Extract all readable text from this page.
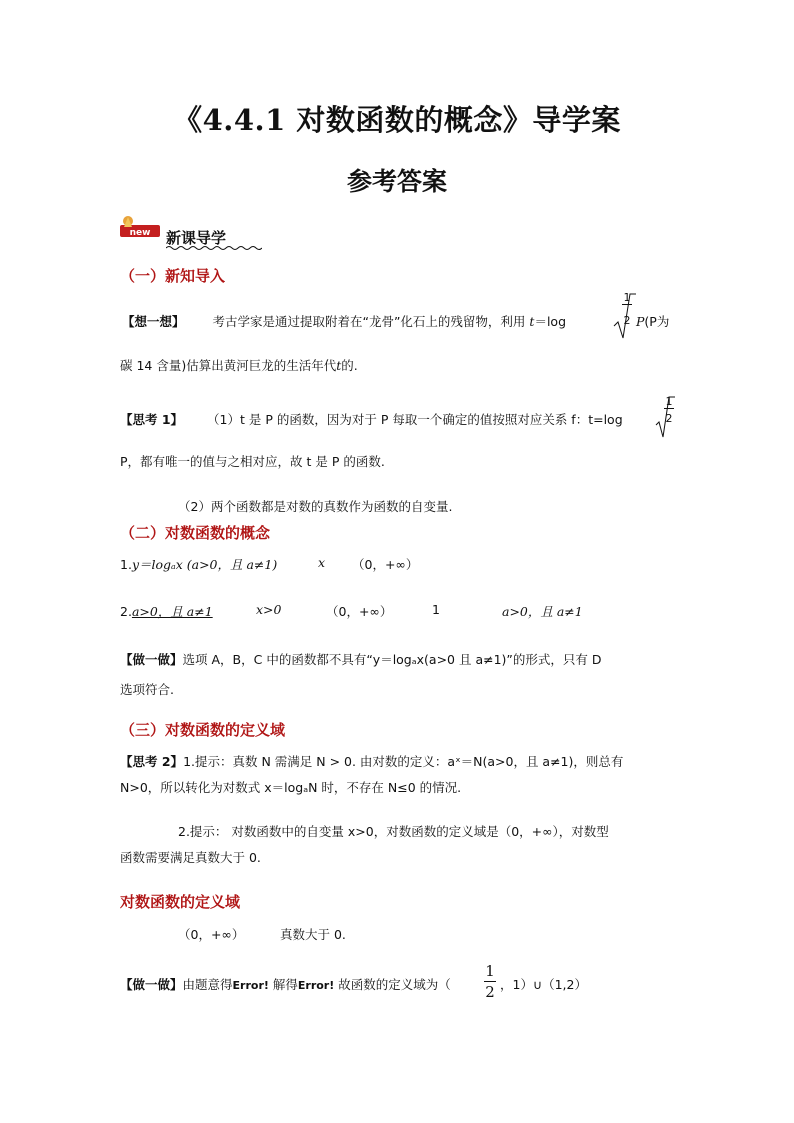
《4.4.1 对数函数的概念》导学案
参考答案
new 新课导学
（一）新知导入
【想一想】 考古学家是通过提取附着在“龙骨”化石上的残留物，利用 t＝log
1
2 P(P为
碳 14 含量)估算出黄河巨龙的生活年代t的.
【思考 1】 （1）t 是 P 的函数，因为对于 P 每取一个确定的值按照对应关系 f：t=log
1
2
P，都有唯一的值与之相对应，故 t 是 P 的函数.
（2）两个函数都是对数的真数作为函数的自变量.
（二）对数函数的概念
1.y＝logₐx (a>0，且 a≠1)	x （0，+∞）
2.a>0，且 a≠1	x>0	（0，+∞）	1	a>0，且 a≠1
【做一做】选项 A，B，C 中的函数都不具有“y＝logₐx(a>0 且 a≠1)”的形式，只有 D
选项符合.
（三）对数函数的定义域
【思考 2】1.提示：真数 N 需满足 N > 0. 由对数的定义：aˣ＝N(a>0，且 a≠1)，则总有
N>0，所以转化为对数式 x＝logₐN 时，不存在 N≤0 的情况.
2.提示： 对数函数中的自变量 x>0，对数函数的定义域是（0，+∞），对数型
函数需要满足真数大于 0.
对数函数的定义域
（0，+∞）	真数大于 0.
【做一做】由题意得Error! 解得Error! 故函数的定义域为（ $\frac{1}{2}$ ，1）∪（1,2）
